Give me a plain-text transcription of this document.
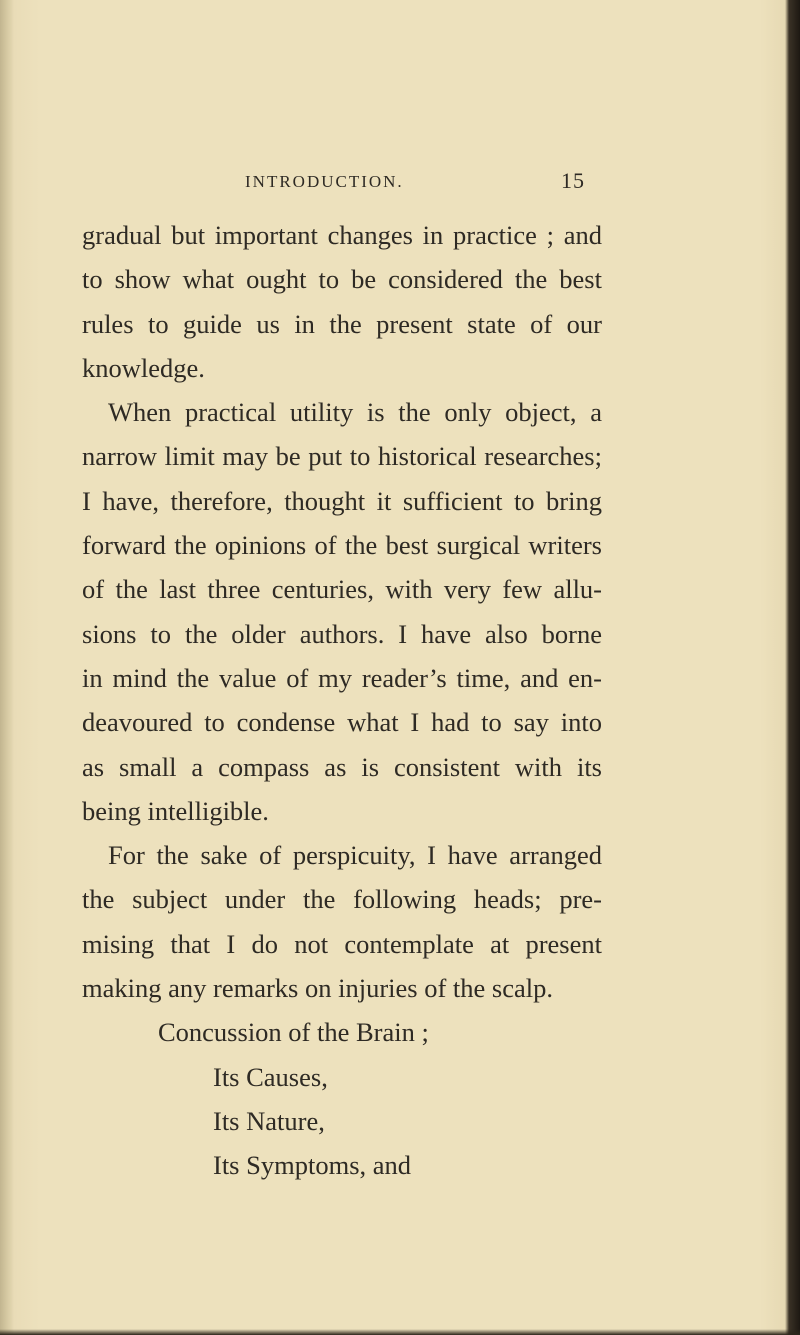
INTRODUCTION.	15
gradual but important changes in practice ; and
to show what ought to be considered the best
rules to guide us in the present state of our
knowledge.
When practical utility is the only object, a
narrow limit may be put to historical researches;
I have, therefore, thought it sufficient to bring
forward the opinions of the best surgical writers
of the last three centuries, with very few allu-
sions to the older authors. I have also borne
in mind the value of my reader’s time, and en-
deavoured to condense what I had to say into
as small a compass as is consistent with its
being intelligible.
For the sake of perspicuity, I have arranged
the subject under the following heads; pre-
mising that I do not contemplate at present
making any remarks on injuries of the scalp.
Concussion of the Brain ;
Its Causes,
Its Nature,
Its Symptoms, and
